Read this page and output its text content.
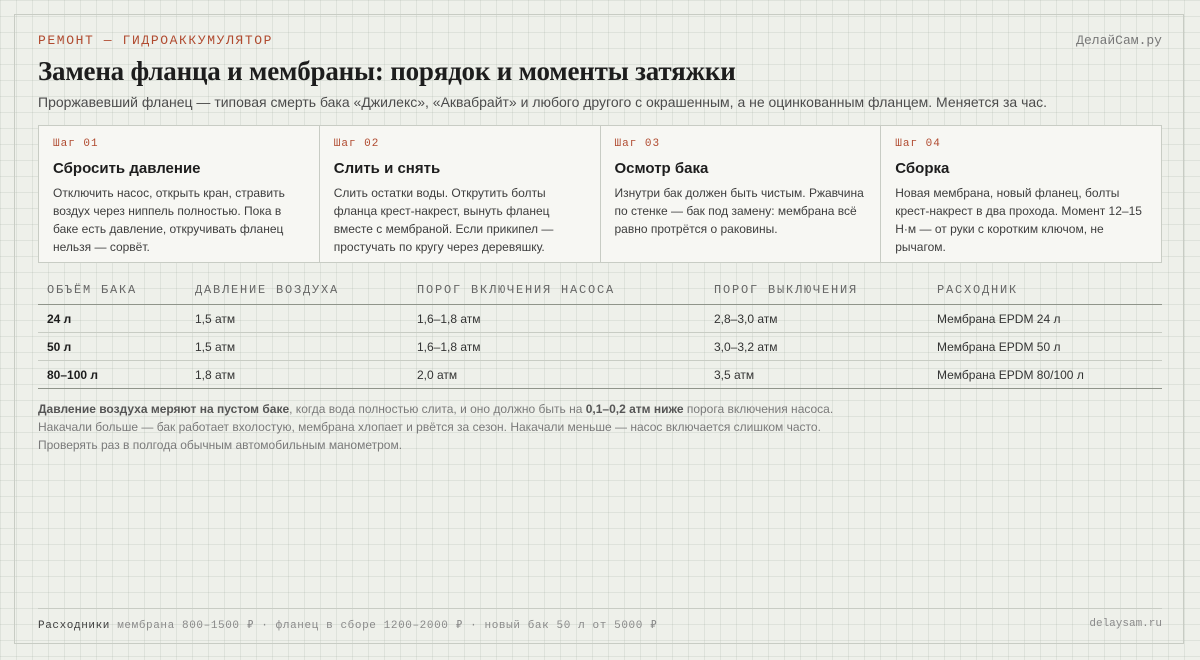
РЕМОНТ — ГИДРОАККУМУЛЯТОР	ДелайСам.ру
Замена фланца и мембраны: порядок и моменты затяжки

Проржавевший фланец — типовая смерть бака «Джилекс», «Аквабрайт» и любого другого с окрашенным, а не оцинкованным фланцем. Меняется за час.

Шаг 01
Сбросить давление
Отключить насос, открыть кран, стравить воздух через ниппель полностью. Пока в баке есть давление, откручивать фланец нельзя — сорвёт.
Шаг 02
Слить и снять
Слить остатки воды. Открутить болты фланца крест-накрест, вынуть фланец вместе с мембраной. Если прикипел — простучать по кругу через деревяшку.
Шаг 03
Осмотр бака
Изнутри бак должен быть чистым. Ржавчина по стенке — бак под замену: мембрана всё равно протрётся о раковины.
Шаг 04
Сборка
Новая мембрана, новый фланец, болты крест-накрест в два прохода. Момент 12–15 Н·м — от руки с коротким ключом, не рычагом.
ОБЪЁМ БАКА	ДАВЛЕНИЕ ВОЗДУХА	ПОРОГ ВКЛЮЧЕНИЯ НАСОСА	ПОРОГ ВЫКЛЮЧЕНИЯ	РАСХОДНИК
24 л	1,5 атм	1,6–1,8 атм	2,8–3,0 атм	Мембрана EPDM 24 л
50 л	1,5 атм	1,6–1,8 атм	3,0–3,2 атм	Мембрана EPDM 50 л
80–100 л	1,8 атм	2,0 атм	3,5 атм	Мембрана EPDM 80/100 л

Давление воздуха меряют на пустом баке, когда вода полностью слита, и оно должно быть на 0,1–0,2 атм ниже порога включения насоса. Накачали больше — бак работает вхолостую, мембрана хлопает и рвётся за сезон. Накачали меньше — насос включается слишком часто. Проверять раз в полгода обычным автомобильным манометром.

Расходники мембрана 800–1500 ₽ · фланец в сборе 1200–2000 ₽ · новый бак 50 л от 5000 ₽	delaysam.ru
